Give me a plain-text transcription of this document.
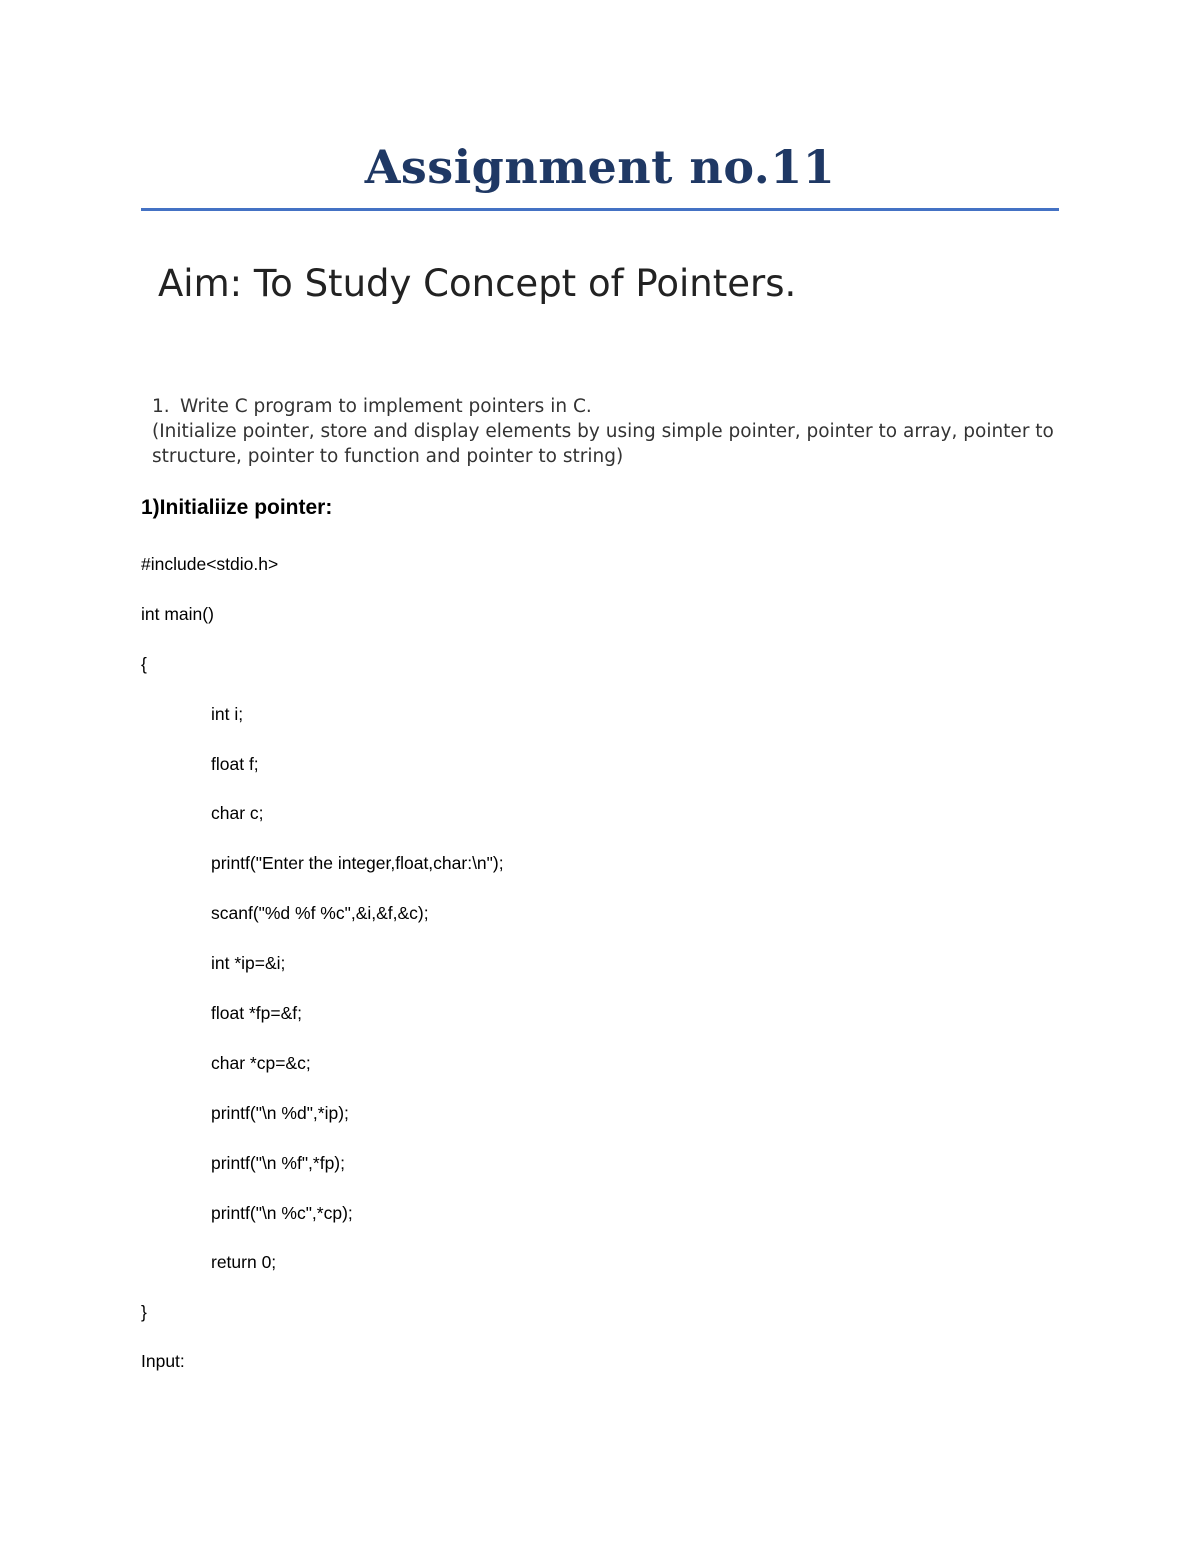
Assignment no.11

Aim: To Study Concept of Pointers.

1. Write C program to implement pointers in C.
(Initialize pointer, store and display elements by using simple pointer, pointer to array, pointer to
structure, pointer to function and pointer to string)
1)Initialiize pointer:
#include<stdio.h>
int main()
{
int i;
float f;
char c;
printf("Enter the integer,float,char:\n");
scanf("%d %f %c",&i,&f,&c);
int *ip=&i;
float *fp=&f;
char *cp=&c;
printf("\n %d",*ip);
printf("\n %f",*fp);
printf("\n %c",*cp);
return 0;
}

Input:
